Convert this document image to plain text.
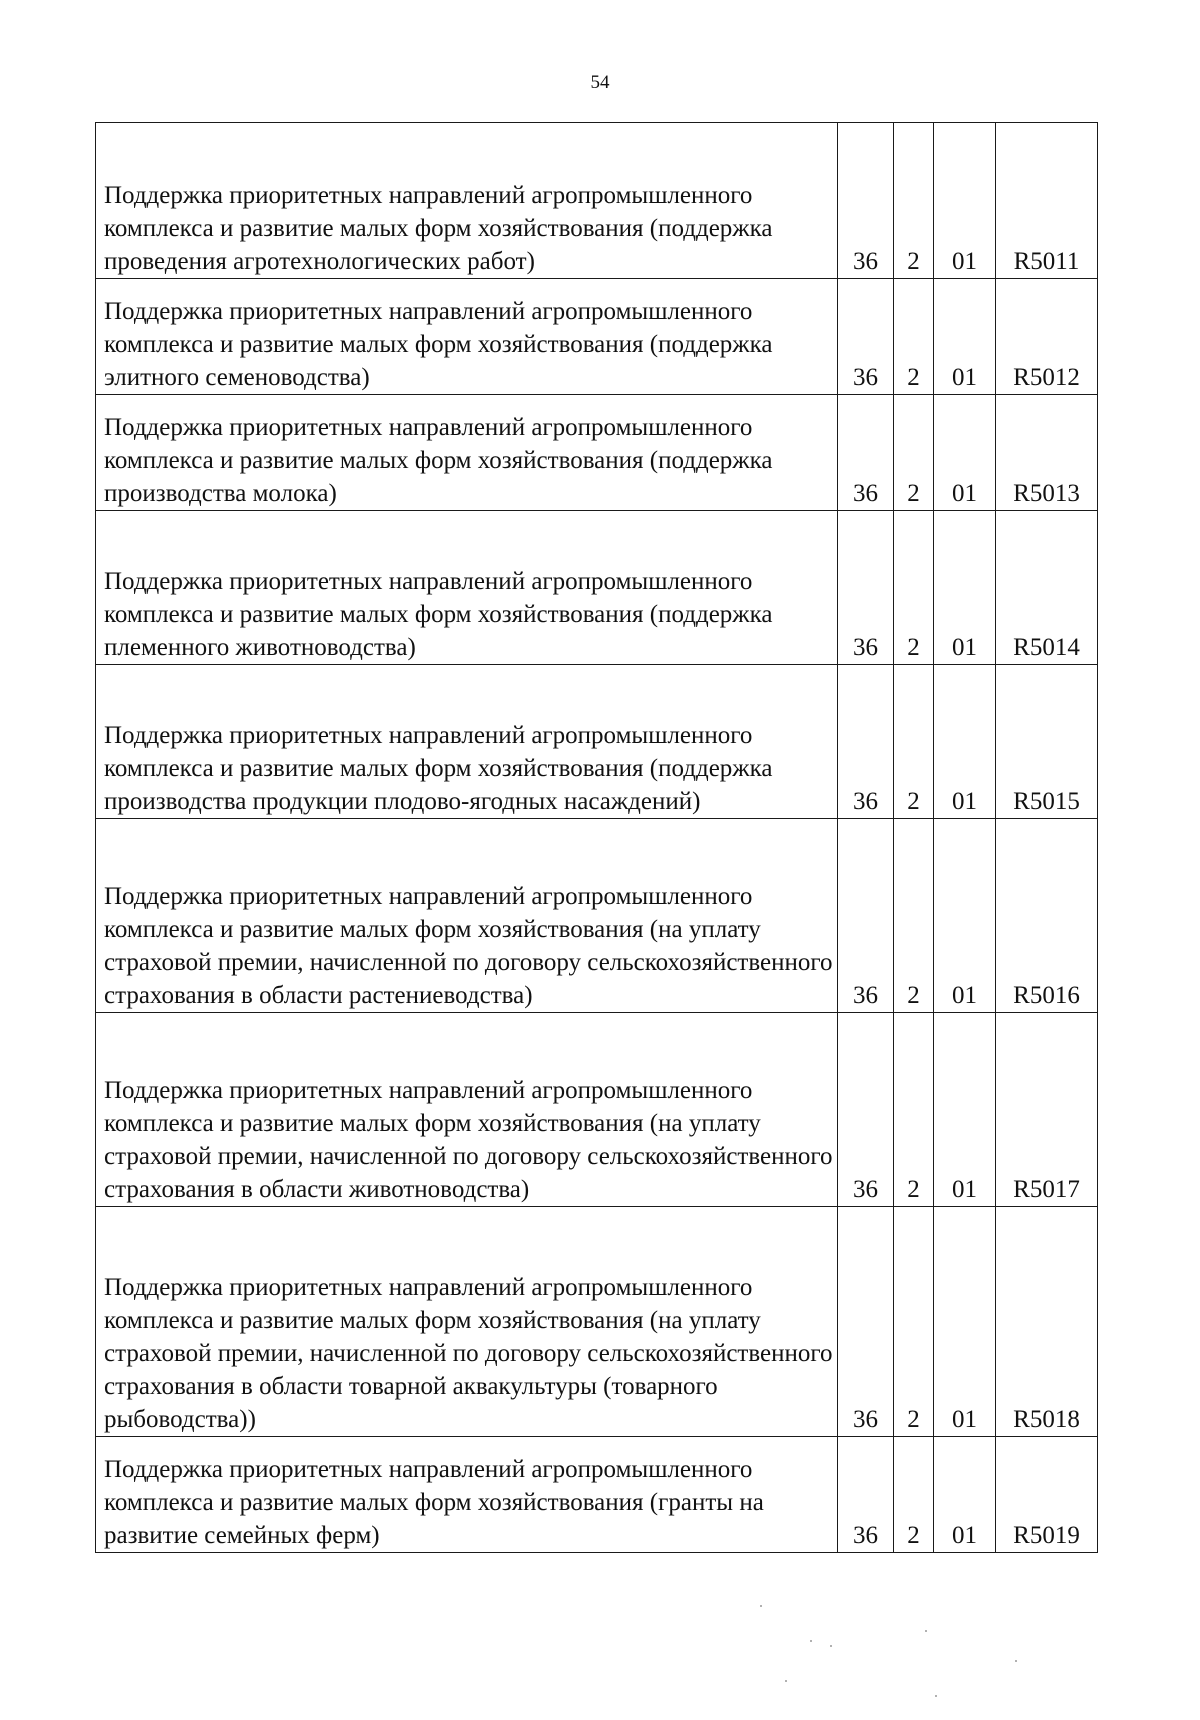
54
Поддержка приоритетных направлений агропромышленного комплекса и развитие малых форм хозяйствования (поддержка проведения агротехнологических работ)	36	2	01	R5011

Поддержка приоритетных направлений агропромышленного комплекса и развитие малых форм хозяйствования (поддержка элитного семеноводства)	36	2	01	R5012

Поддержка приоритетных направлений агропромышленного комплекса и развитие малых форм хозяйствования (поддержка производства молока)	36	2	01	R5013

Поддержка приоритетных направлений агропромышленного комплекса и развитие малых форм хозяйствования (поддержка племенного животноводства)	36	2	01	R5014

Поддержка приоритетных направлений агропромышленного комплекса и развитие малых форм хозяйствования (поддержка производства продукции плодово-ягодных насаждений)	36	2	01	R5015

Поддержка приоритетных направлений агропромышленного комплекса и развитие малых форм хозяйствования (на уплату страховой премии, начисленной по договору сельскохозяйственного страхования в области растениеводства)	36	2	01	R5016

Поддержка приоритетных направлений агропромышленного комплекса и развитие малых форм хозяйствования (на уплату страховой премии, начисленной по договору сельскохозяйственного страхования в области животноводства)	36	2	01	R5017

Поддержка приоритетных направлений агропромышленного комплекса и развитие малых форм хозяйствования (на уплату страховой премии, начисленной по договору сельскохозяйственного страхования в области товарной аквакультуры (товарного рыбоводства))	36	2	01	R5018

Поддержка приоритетных направлений агропромышленного комплекса и развитие малых форм хозяйствования (гранты на развитие семейных ферм)	36	2	01	R5019
